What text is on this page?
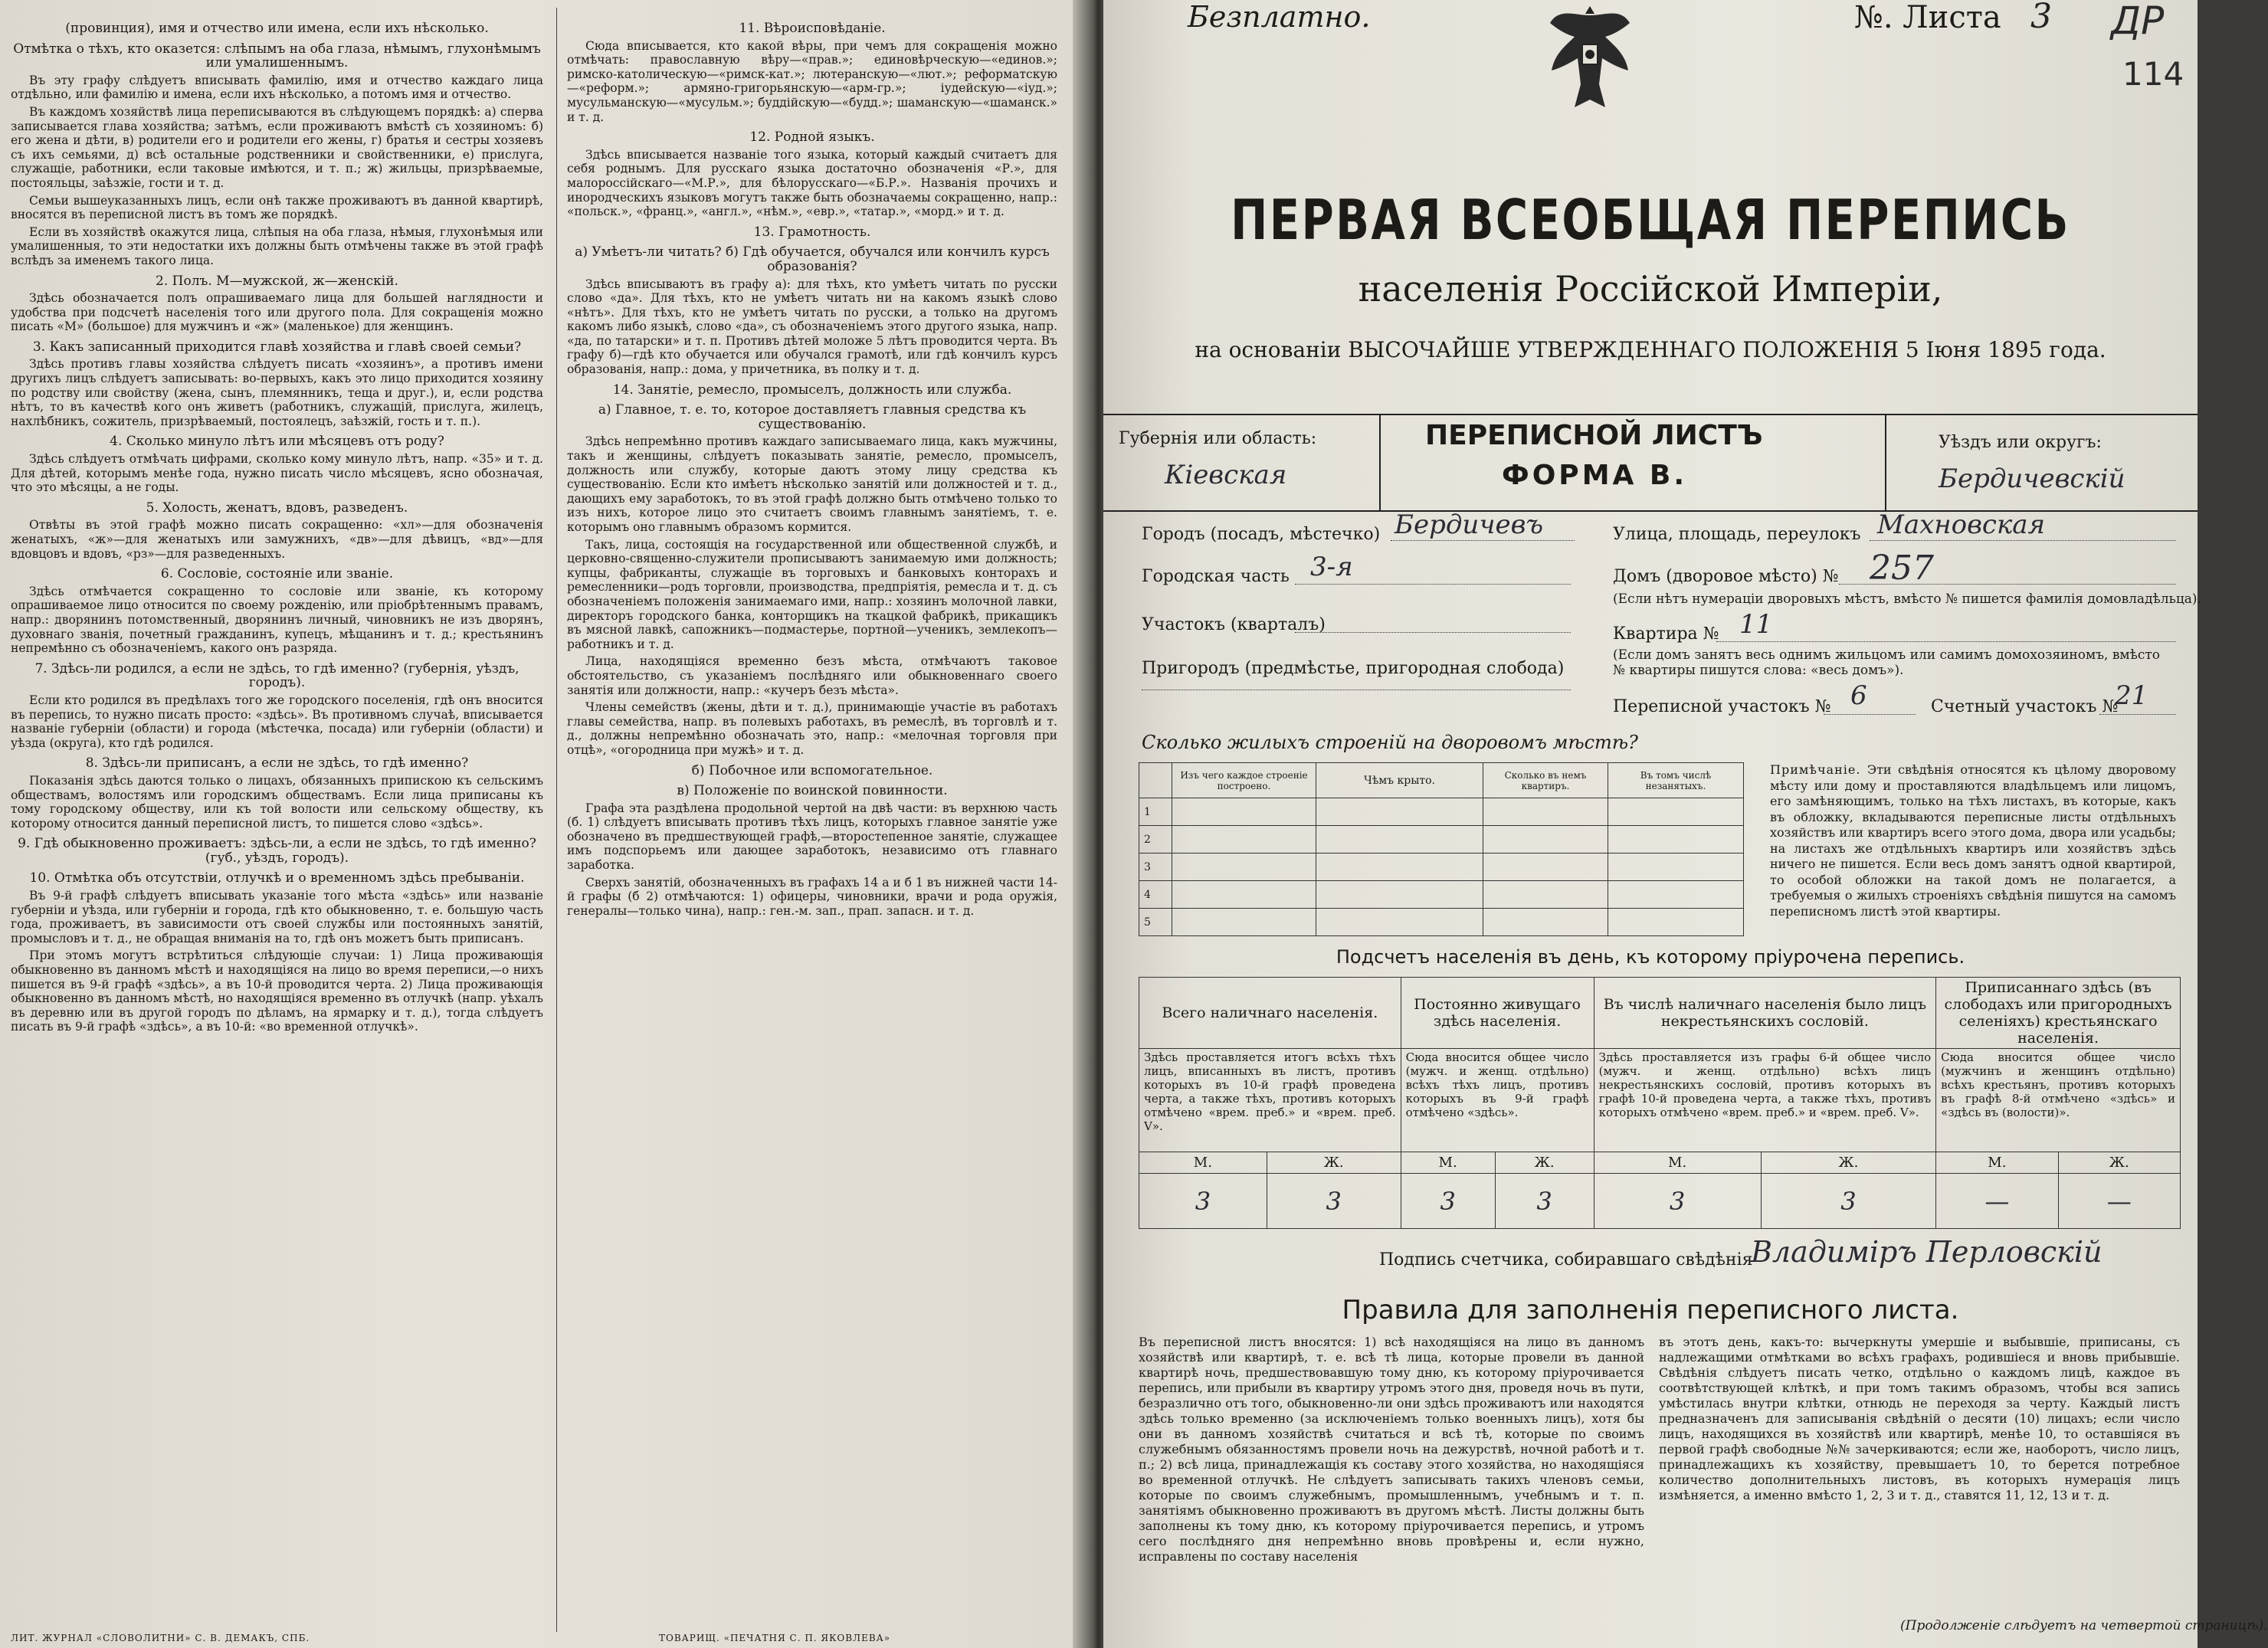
(провинция), имя и отчество или имена, если ихъ нѣсколько.
Отмѣтка о тѣхъ, кто оказется: слѣпымъ на оба глаза, нѣмымъ, глухонѣмымъ или умалишеннымъ.

Въ эту графу слѣдуетъ вписывать фамилію, имя и отчество каждаго лица отдѣльно, или фамилію и имена, если ихъ нѣсколько, а потомъ имя и отчество.

Въ каждомъ хозяйствѣ лица переписываются въ слѣдующемъ порядкѣ: а) сперва записывается глава хозяйства; затѣмъ, если проживаютъ вмѣстѣ съ хозяиномъ: б) его жена и дѣти, в) родители его и родители его жены, г) братья и сестры хозяевъ съ ихъ семьями, д) всѣ остальные родственники и свойственники, е) прислуга, служащіе, работники, если таковые имѣются, и т. п.; ж) жильцы, призрѣваемые, постояльцы, заѣзжіе, гости и т. д.

Семьи вышеуказанныхъ лицъ, если онѣ также проживаютъ въ данной квартирѣ, вносятся въ переписной листъ въ томъ же порядкѣ.

Если въ хозяйствѣ окажутся лица, слѣпыя на оба глаза, нѣмыя, глухонѣмыя или умалишенныя, то эти недостатки ихъ должны быть отмѣчены также въ этой графѣ вслѣдъ за именемъ такого лица.

2. Полъ. М—мужской, ж—женскій.

Здѣсь обозначается полъ опрашиваемаго лица для большей наглядности и удобства при подсчетѣ населенія того или другого пола. Для сокращенія можно писать «М» (большое) для мужчинъ и «ж» (маленькое) для женщинъ.

3. Какъ записанный приходится главѣ хозяйства и главѣ своей семьи?

Здѣсь противъ главы хозяйства слѣдуетъ писать «хозяинъ», а противъ имени другихъ лицъ слѣдуетъ записывать: во-первыхъ, какъ это лицо приходится хозяину по родству или свойству (жена, сынъ, племянникъ, теща и друг.), и, если родства нѣтъ, то въ качествѣ кого онъ живетъ (работникъ, служащій, прислуга, жилецъ, нахлѣбникъ, сожитель, призрѣваемый, постоялецъ, заѣзжій, гость и т. п.).

4. Сколько минуло лѣтъ или мѣсяцевъ отъ роду?

Здѣсь слѣдуетъ отмѣчать цифрами, сколько кому минуло лѣтъ, напр. «35» и т. д. Для дѣтей, которымъ менѣе года, нужно писать число мѣсяцевъ, ясно обозначая, что это мѣсяцы, а не годы.

5. Холость, женатъ, вдовъ, разведенъ.

Отвѣты въ этой графѣ можно писать сокращенно: «хл»—для обозначенія женатыхъ, «ж»—для женатыхъ или замужнихъ, «дв»—для дѣвицъ, «вд»—для вдовцовъ и вдовъ, «рз»—для разведенныхъ.

6. Сословіе, состояніе или званіе.

Здѣсь отмѣчается сокращенно то сословіе или званіе, къ которому опрашиваемое лицо относится по своему рожденію, или пріобрѣтеннымъ правамъ, напр.: дворянинъ потомственный, дворянинъ личный, чиновникъ не изъ дворянъ, духовнаго званія, почетный гражданинъ, купецъ, мѣщанинъ и т. д.; крестьянинъ непремѣнно съ обозначеніемъ, какого онъ разряда.

7. Здѣсь-ли родился, а если не здѣсь, то гдѣ именно? (губернія, уѣздъ, городъ).

Если кто родился въ предѣлахъ того же городского поселенія, гдѣ онъ вносится въ перепись, то нужно писать просто: «здѣсь». Въ противномъ случаѣ, вписывается названіе губерніи (области) и города (мѣстечка, посада) или губерніи (области) и уѣзда (округа), кто гдѣ родился.

8. Здѣсь-ли приписанъ, а если не здѣсь, то гдѣ именно?

Показанія здѣсь даются только о лицахъ, обязанныхъ припискою къ сельскимъ обществамъ, волостямъ или городскимъ обществамъ. Если лица приписаны къ тому городскому обществу, или къ той волости или сельскому обществу, къ которому относится данный переписной листъ, то пишется слово «здѣсь».

9. Гдѣ обыкновенно проживаетъ: здѣсь-ли, а если не здѣсь, то гдѣ именно? (губ., уѣздъ, городъ).
10. Отмѣтка объ отсутствіи, отлучкѣ и о временномъ здѣсь пребываніи.

Въ 9-й графѣ слѣдуетъ вписывать указаніе того мѣста «здѣсь» или названіе губерніи и уѣзда, или губерніи и города, гдѣ кто обыкновенно, т. е. большую часть года, проживаетъ, въ зависимости отъ своей службы или постоянныхъ занятій, промысловъ и т. д., не обращая вниманія на то, гдѣ онъ можетъ быть приписанъ.

При этомъ могутъ встрѣтиться слѣдующіе случаи: 1) Лица проживающія обыкновенно въ данномъ мѣстѣ и находящіяся на лицо во время переписи,—о нихъ пишется въ 9-й графѣ «здѣсь», а въ 10-й проводится черта. 2) Лица проживающія обыкновенно въ данномъ мѣстѣ, но находящіяся временно въ отлучкѣ (напр. уѣхалъ въ деревню или въ другой городъ по дѣламъ, на ярмарку и т. д.), тогда слѣдуетъ писать въ 9-й графѣ «здѣсь», а въ 10-й: «во временной отлучкѣ».

11. Вѣроисповѣданіе.

Сюда вписывается, кто какой вѣры, при чемъ для сокращенія можно отмѣчать: православную вѣру—«прав.»; единовѣрческую—«единов.»; римско-католическую—«римск-кат.»; лютеранскую—«лют.»; реформатскую—«реформ.»; армяно-григорьянскую—«арм-гр.»; іудейскую—«іуд.»; мусульманскую—«мусульм.»; буддійскую—«будд.»; шаманскую—«шаманск.» и т. д.

12. Родной языкъ.

Здѣсь вписывается названіе того языка, который каждый считаетъ для себя роднымъ. Для русскаго языка достаточно обозначенія «Р.», для малороссійскаго—«М.Р.», для бѣлорусскаго—«Б.Р.». Названія прочихъ и инородческихъ языковъ могутъ также быть обозначаемы сокращенно, напр.: «польск.», «франц.», «англ.», «нѣм.», «евр.», «татар.», «морд.» и т. д.

13. Грамотность.
а) Умѣетъ-ли читать? б) Гдѣ обучается, обучался или кончилъ курсъ образованія?

Здѣсь вписываютъ въ графу а): для тѣхъ, кто умѣетъ читать по русски слово «да». Для тѣхъ, кто не умѣетъ читать ни на какомъ языкѣ слово «нѣтъ». Для тѣхъ, кто не умѣетъ читать по русски, а только на другомъ какомъ либо языкѣ, слово «да», съ обозначеніемъ этого другого языка, напр. «да, по татарски» и т. п. Противъ дѣтей моложе 5 лѣтъ проводится черта. Въ графу б)—гдѣ кто обучается или обучался грамотѣ, или гдѣ кончилъ курсъ образованія, напр.: дома, у причетника, въ полку и т. д.

14. Занятіе, ремесло, промыселъ, должность или служба.
а) Главное, т. е. то, которое доставляетъ главныя средства къ существованію.

Здѣсь непремѣнно противъ каждаго записываемаго лица, какъ мужчины, такъ и женщины, слѣдуетъ показывать занятіе, ремесло, промыселъ, должность или службу, которые даютъ этому лицу средства къ существованію. Если кто имѣетъ нѣсколько занятій или должностей и т. д., дающихъ ему заработокъ, то въ этой графѣ должно быть отмѣчено только то изъ нихъ, которое лицо это считаетъ своимъ главнымъ занятіемъ, т. е. которымъ оно главнымъ образомъ кормится.

Такъ, лица, состоящія на государственной или общественной службѣ, и церковно-священно-служители прописываютъ занимаемую ими должность; купцы, фабриканты, служащіе въ торговыхъ и банковыхъ конторахъ и ремесленники—родъ торговли, производства, предпріятія, ремесла и т. д. съ обозначеніемъ положенія занимаемаго ими, напр.: хозяинъ молочной лавки, директоръ городского банка, конторщикъ на ткацкой фабрикѣ, прикащикъ въ мясной лавкѣ, сапожникъ—подмастерье, портной—ученикъ, землекопъ—работникъ и т. д.

Лица, находящіяся временно безъ мѣста, отмѣчаютъ таковое обстоятельство, съ указаніемъ послѣдняго или обыкновеннаго своего занятія или должности, напр.: «кучеръ безъ мѣста».

Члены семействъ (жены, дѣти и т. д.), принимающіе участіе въ работахъ главы семейства, напр. въ полевыхъ работахъ, въ ремеслѣ, въ торговлѣ и т. д., должны непремѣнно обозначать это, напр.: «мелочная торговля при отцѣ», «огородница при мужѣ» и т. д.

б) Побочное или вспомогательное.
в) Положеніе по воинской повинности.

Графа эта раздѣлена продольной чертой на двѣ части: въ верхнюю часть (б. 1) слѣдуетъ вписывать противъ тѣхъ лицъ, которыхъ главное занятіе уже обозначено въ предшествующей графѣ,—второстепенное занятіе, служащее имъ подспорьемъ или дающее заработокъ, независимо отъ главнаго заработка.

Сверхъ занятій, обозначенныхъ въ графахъ 14 а и б 1 въ нижней части 14-й графы (б 2) отмѣчаются: 1) офицеры, чиновники, врачи и рода оружія, генералы—только чина), напр.: ген.-м. зап., прап. запасн. и т. д.

ЛИТ. ЖУРНАЛ «СЛОВОЛИТНИ» С. В. ДЕМАКЪ, СПБ.	ТОВАРИЩ. «ПЕЧАТНЯ С. П. ЯКОВЛЕВА»
Безплатно.	№. Листа 3 ДР
114
ПЕРВАЯ ВСЕОБЩАЯ ПЕРЕПИСЬ
населенія Россійской Имперіи,
на основаніи ВЫСОЧАЙШЕ УТВЕРЖДЕННАГО ПОЛОЖЕНІЯ 5 Іюня 1895 года.
Губернія или область:
Кіевская
ПЕРЕПИСНОЙ ЛИСТЪ
ФОРМА В.
Уѣздъ или округъ:
Бердичевскій
Городъ (посадъ, мѣстечко) Бердичевъ	Улица, площадь, переулокъ Махновская
Городская часть 3-я	Домъ (дворовое мѣсто) № 257
(Если нѣтъ нумераціи дворовыхъ мѣстъ, вмѣсто № пишется фамилія домовладѣльца).
Участокъ (кварталъ)	Квартира № 11
(Если домъ занятъ весь однимъ жильцомъ или самимъ домохозяиномъ, вмѣсто № квартиры пишутся слова: «весь домъ»).
Пригородъ (предмѣстье, пригородная слобода)
Переписной участокъ № 6	Счетный участокъ №
21
Сколько жилыхъ строеній на дворовомъ мѣстѣ?
	Изъ чего каждое строеніе построено.	Чѣмъ крыто.	Сколько въ немъ квартиръ.	Въ томъ числѣ незанятыхъ.
1				
2				
3				
4				
5				
Примѣчаніе. Эти свѣдѣнія относятся къ цѣлому дворовому мѣсту или дому и проставляются владѣльцемъ или лицомъ, его замѣняющимъ, только на тѣхъ листахъ, въ которые, какъ въ обложку, вкладываются переписные листы отдѣльныхъ хозяйствъ или квартиръ всего этого дома, двора или усадьбы; на листахъ же отдѣльныхъ квартиръ или хозяйствъ здѣсь ничего не пишется. Если весь домъ занятъ одной квартирой, то особой обложки на такой домъ не полагается, а требуемыя о жилыхъ строеніяхъ свѣдѣнія пишутся на самомъ переписномъ листѣ этой квартиры.
Подсчетъ населенія въ день, къ которому пріурочена перепись.
Всего наличнаго населенія.		Постоянно живущаго здѣсь населенія.		Въ числѣ наличнаго населенія было лицъ некрестьянскихъ сословій.		Приписаннаго здѣсь (въ слободахъ или пригородныхъ селеніяхъ) крестьянскаго населенія.	
Здѣсь проставляется итогъ всѣхъ тѣхъ лицъ, вписанныхъ въ листъ, противъ которыхъ въ 10-й графѣ проведена черта, а также тѣхъ, противъ которыхъ отмѣчено «врем. преб.» и «врем. преб. V».		Сюда вносится общее число (мужч. и женщ. отдѣльно) всѣхъ тѣхъ лицъ, противъ которыхъ въ 9-й графѣ отмѣчено «здѣсь».		Здѣсь проставляется изъ графы 6-й общее число (мужч. и женщ. отдѣльно) всѣхъ лицъ некрестьянскихъ сословій, противъ которыхъ въ графѣ 10-й проведена черта, а также тѣхъ, противъ которыхъ отмѣчено «врем. преб.» и «врем. преб. V».		Сюда вносится общее число (мужчинъ и женщинъ отдѣльно) всѣхъ крестьянъ, противъ которыхъ въ графѣ 8-й отмѣчено «здѣсь» и «здѣсь въ (волости)».	
М.	Ж.	М.	Ж.	М.	Ж.	М.	Ж.
3	3	3	3	3	3	—	—
Подпись счетчика, собиравшаго свѣдѣнія
Владиміръ Перловскій
Правила для заполненія переписного листа.
Въ переписной листъ вносятся: 1) всѣ находящіяся на лицо въ данномъ хозяйствѣ или квартирѣ, т. е. всѣ тѣ лица, которые провели въ данной квартирѣ ночь, предшествовавшую тому дню, къ которому пріурочивается перепись, или прибыли въ квартиру утромъ этого дня, проведя ночь въ пути, безразлично отъ того, обыкновенно-ли они здѣсь проживаютъ или находятся здѣсь только временно (за исключеніемъ только военныхъ лицъ), хотя бы они въ данномъ хозяйствѣ считаться и всѣ тѣ, которые по своимъ служебнымъ обязанностямъ провели ночь на дежурствѣ, ночной работѣ и т. п.; 2) всѣ лица, принадлежащія къ составу этого хозяйства, но находящіяся во временной отлучкѣ. Не слѣдуетъ записывать такихъ членовъ семьи, которые по своимъ служебнымъ, промышленнымъ, учебнымъ и т. п. занятіямъ обыкновенно проживаютъ въ другомъ мѣстѣ. Листы должны быть заполнены къ тому дню, къ которому пріурочивается перепись, и утромъ сего послѣдняго дня непремѣнно вновь провѣрены и, если нужно, исправлены по составу населенія
въ этотъ день, какъ-то: вычеркнуты умершіе и выбывшіе, приписаны, съ надлежащими отмѣтками во всѣхъ графахъ, родившіеся и вновь прибывшіе. Свѣдѣнія слѣдуетъ писать четко, отдѣльно о каждомъ лицѣ, каждое въ соотвѣтствующей клѣткѣ, и при томъ такимъ образомъ, чтобы вся запись умѣстилась внутри клѣтки, отнюдь не переходя за черту. Каждый листъ предназначенъ для записыванія свѣдѣній о десяти (10) лицахъ; если число лицъ, находящихся въ хозяйствѣ или квартирѣ, менѣе 10, то оставшіяся въ первой графѣ свободные №№ зачеркиваются; если же, наоборотъ, число лицъ, принадлежащихъ къ хозяйству, превышаетъ 10, то берется потребное количество дополнительныхъ листовъ, въ которыхъ нумерація лицъ измѣняется, а именно вмѣсто 1, 2, 3 и т. д., ставятся 11, 12, 13 и т. д.
(Продолженіе слѣдуетъ на четвертой страницѣ).
